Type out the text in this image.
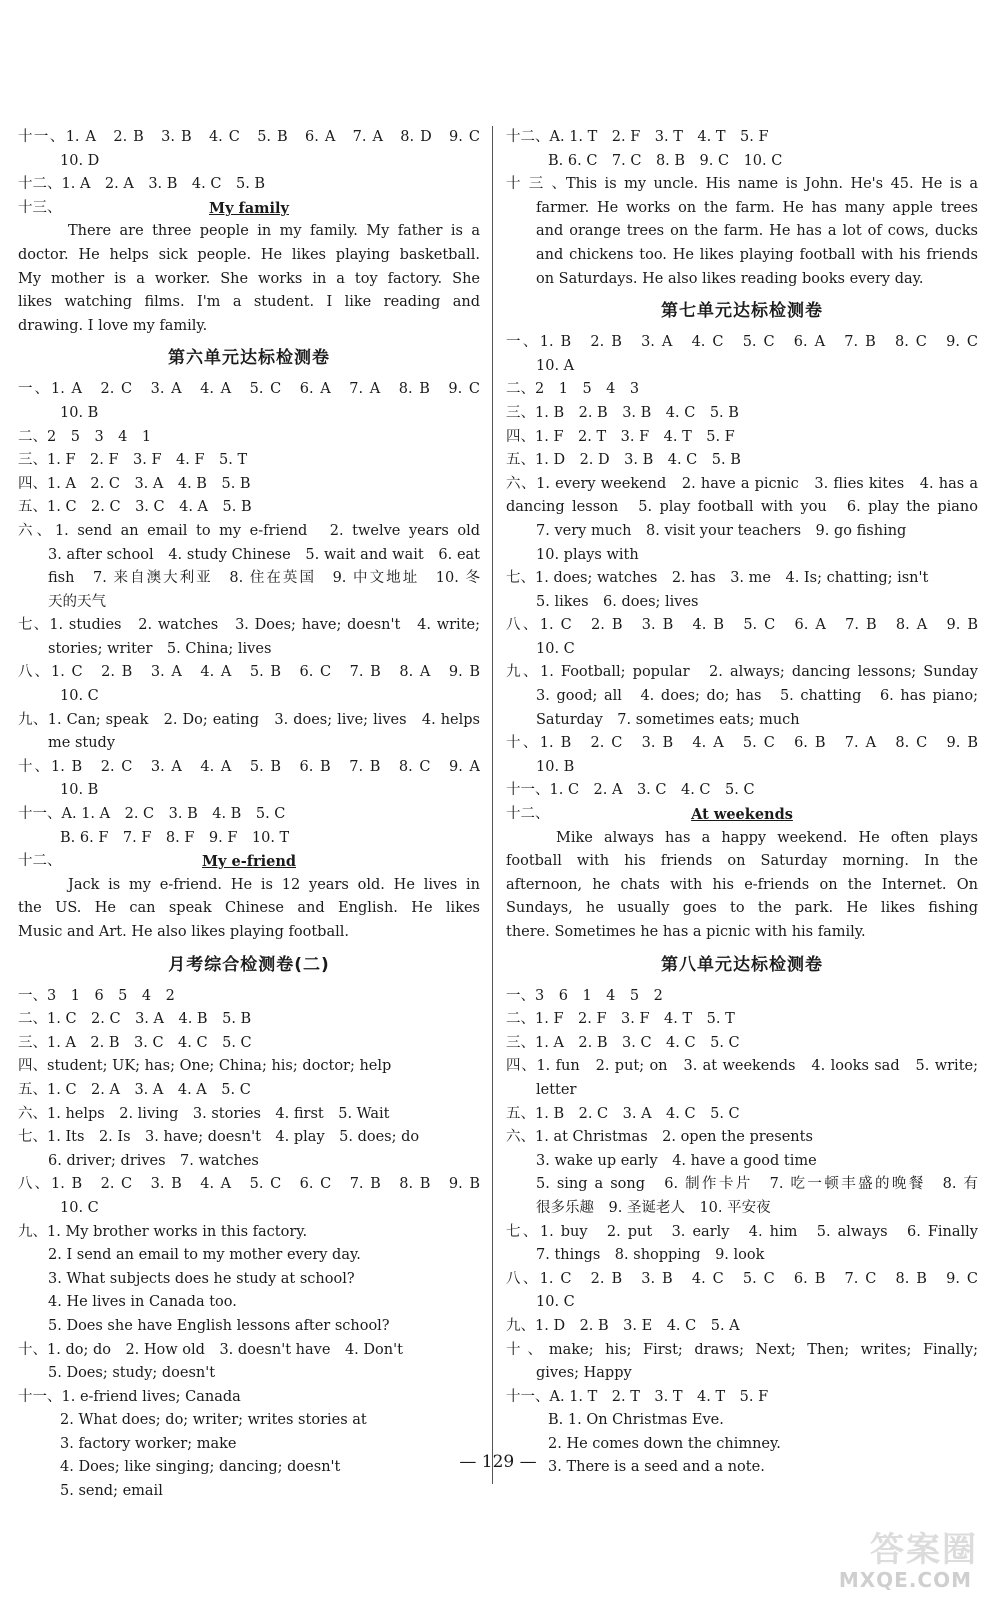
十一、1. A　2. B　3. B　4. C　5. B　6. A　7. A　8. D　9. C
10. D
十二、1. A　2. A　3. B　4. C　5. B
十三、	My family
There are three people in my family. My father is a
doctor. He helps sick people. He likes playing basketball.
My mother is a worker. She works in a toy factory. She
likes watching films. I'm a student. I like reading and
drawing. I love my family.
第六单元达标检测卷
一、1. A　2. C　3. A　4. A　5. C　6. A　7. A　8. B　9. C
10. B
二、2　5　3　4　1
三、1. F　2. F　3. F　4. F　5. T
四、1. A　2. C　3. A　4. B　5. B
五、1. C　2. C　3. C　4. A　5. B
六、1. send an email to my e-friend　2. twelve years old
3. after school　4. study Chinese　5. wait and wait　6. eat
fish　7. 来自澳大利亚　8. 住在英国　9. 中文地址　10. 冬
天的天气
七、1. studies　2. watches　3. Does; have; doesn't　4. write;
stories; writer　5. China; lives
八、1. C　2. B　3. A　4. A　5. B　6. C　7. B　8. A　9. B
10. C
九、1. Can; speak　2. Do; eating　3. does; live; lives　4. helps
me study
十、1. B　2. C　3. A　4. A　5. B　6. B　7. B　8. C　9. A
10. B
十一、A. 1. A　2. C　3. B　4. B　5. C
B. 6. F　7. F　8. F　9. F　10. T
十二、	My e-friend
Jack is my e-friend. He is 12 years old. He lives in
the US. He can speak Chinese and English. He likes
Music and Art. He also likes playing football.
月考综合检测卷(二)
一、3　1　6　5　4　2
二、1. C　2. C　3. A　4. B　5. B
三、1. A　2. B　3. C　4. C　5. C
四、student; UK; has; One; China; his; doctor; help
五、1. C　2. A　3. A　4. A　5. C
六、1. helps　2. living　3. stories　4. first　5. Wait
七、1. Its　2. Is　3. have; doesn't　4. play　5. does; do
6. driver; drives　7. watches
八、1. B　2. C　3. B　4. A　5. C　6. C　7. B　8. B　9. B
10. C
九、1. My brother works in this factory.
2. I send an email to my mother every day.
3. What subjects does he study at school?
4. He lives in Canada too.
5. Does she have English lessons after school?
十、1. do; do　2. How old　3. doesn't have　4. Don't
5. Does; study; doesn't
十一、1. e-friend lives; Canada
2. What does; do; writer; writes stories at
3. factory worker; make
4. Does; like singing; dancing; doesn't
5. send; email
十二、A. 1. T　2. F　3. T　4. T　5. F
B. 6. C　7. C　8. B　9. C　10. C
十三、 This is my uncle. His name is John. He's 45. He is a
farmer. He works on the farm. He has many apple trees
and orange trees on the farm. He has a lot of cows, ducks
and chickens too. He likes playing football with his friends
on Saturdays. He also likes reading books every day.
第七单元达标检测卷
一、1. B　2. B　3. A　4. C　5. C　6. A　7. B　8. C　9. C
10. A
二、2　1　5　4　3
三、1. B　2. B　3. B　4. C　5. B
四、1. F　2. T　3. F　4. T　5. F
五、1. D　2. D　3. B　4. C　5. B
六、1. every weekend　2. have a picnic　3. flies kites　4. has a
dancing lesson　5. play football with you　6. play the piano
7. very much　8. visit your teachers　9. go fishing
10. plays with
七、1. does; watches　2. has　3. me　4. Is; chatting; isn't
5. likes　6. does; lives
八、1. C　2. B　3. B　4. B　5. C　6. A　7. B　8. A　9. B
10. C
九、1. Football; popular　2. always; dancing lessons; Sunday
3. good; all　4. does; do; has　5. chatting　6. has piano;
Saturday　7. sometimes eats; much
十、1. B　2. C　3. B　4. A　5. C　6. B　7. A　8. C　9. B
10. B
十一、1. C　2. A　3. C　4. C　5. C
十二、	At weekends
Mike always has a happy weekend. He often plays
football with his friends on Saturday morning. In the
afternoon, he chats with his e-friends on the Internet. On
Sundays, he usually goes to the park. He likes fishing
there. Sometimes he has a picnic with his family.
第八单元达标检测卷
一、3　6　1　4　5　2
二、1. F　2. F　3. F　4. T　5. T
三、1. A　2. B　3. C　4. C　5. C
四、1. fun　2. put; on　3. at weekends　4. looks sad　5. write;
letter
五、1. B　2. C　3. A　4. C　5. C
六、1. at Christmas　2. open the presents
3. wake up early　4. have a good time
5. sing a song　6. 制作卡片　7. 吃一顿丰盛的晚餐　8. 有
很多乐趣　9. 圣诞老人　10. 平安夜
七、1. buy　2. put　3. early　4. him　5. always　6. Finally
7. things　8. shopping　9. look
八、1. C　2. B　3. B　4. C　5. C　6. B　7. C　8. B　9. C
10. C
九、1. D　2. B　3. E　4. C　5. A
十、make; his; First; draws; Next; Then; writes; Finally;
gives; Happy
十一、A. 1. T　2. T　3. T　4. T　5. F
B. 1. On Christmas Eve.
2. He comes down the chimney.
3. There is a seed and a note.
— 129 —
答案圈
MXQE.COM
